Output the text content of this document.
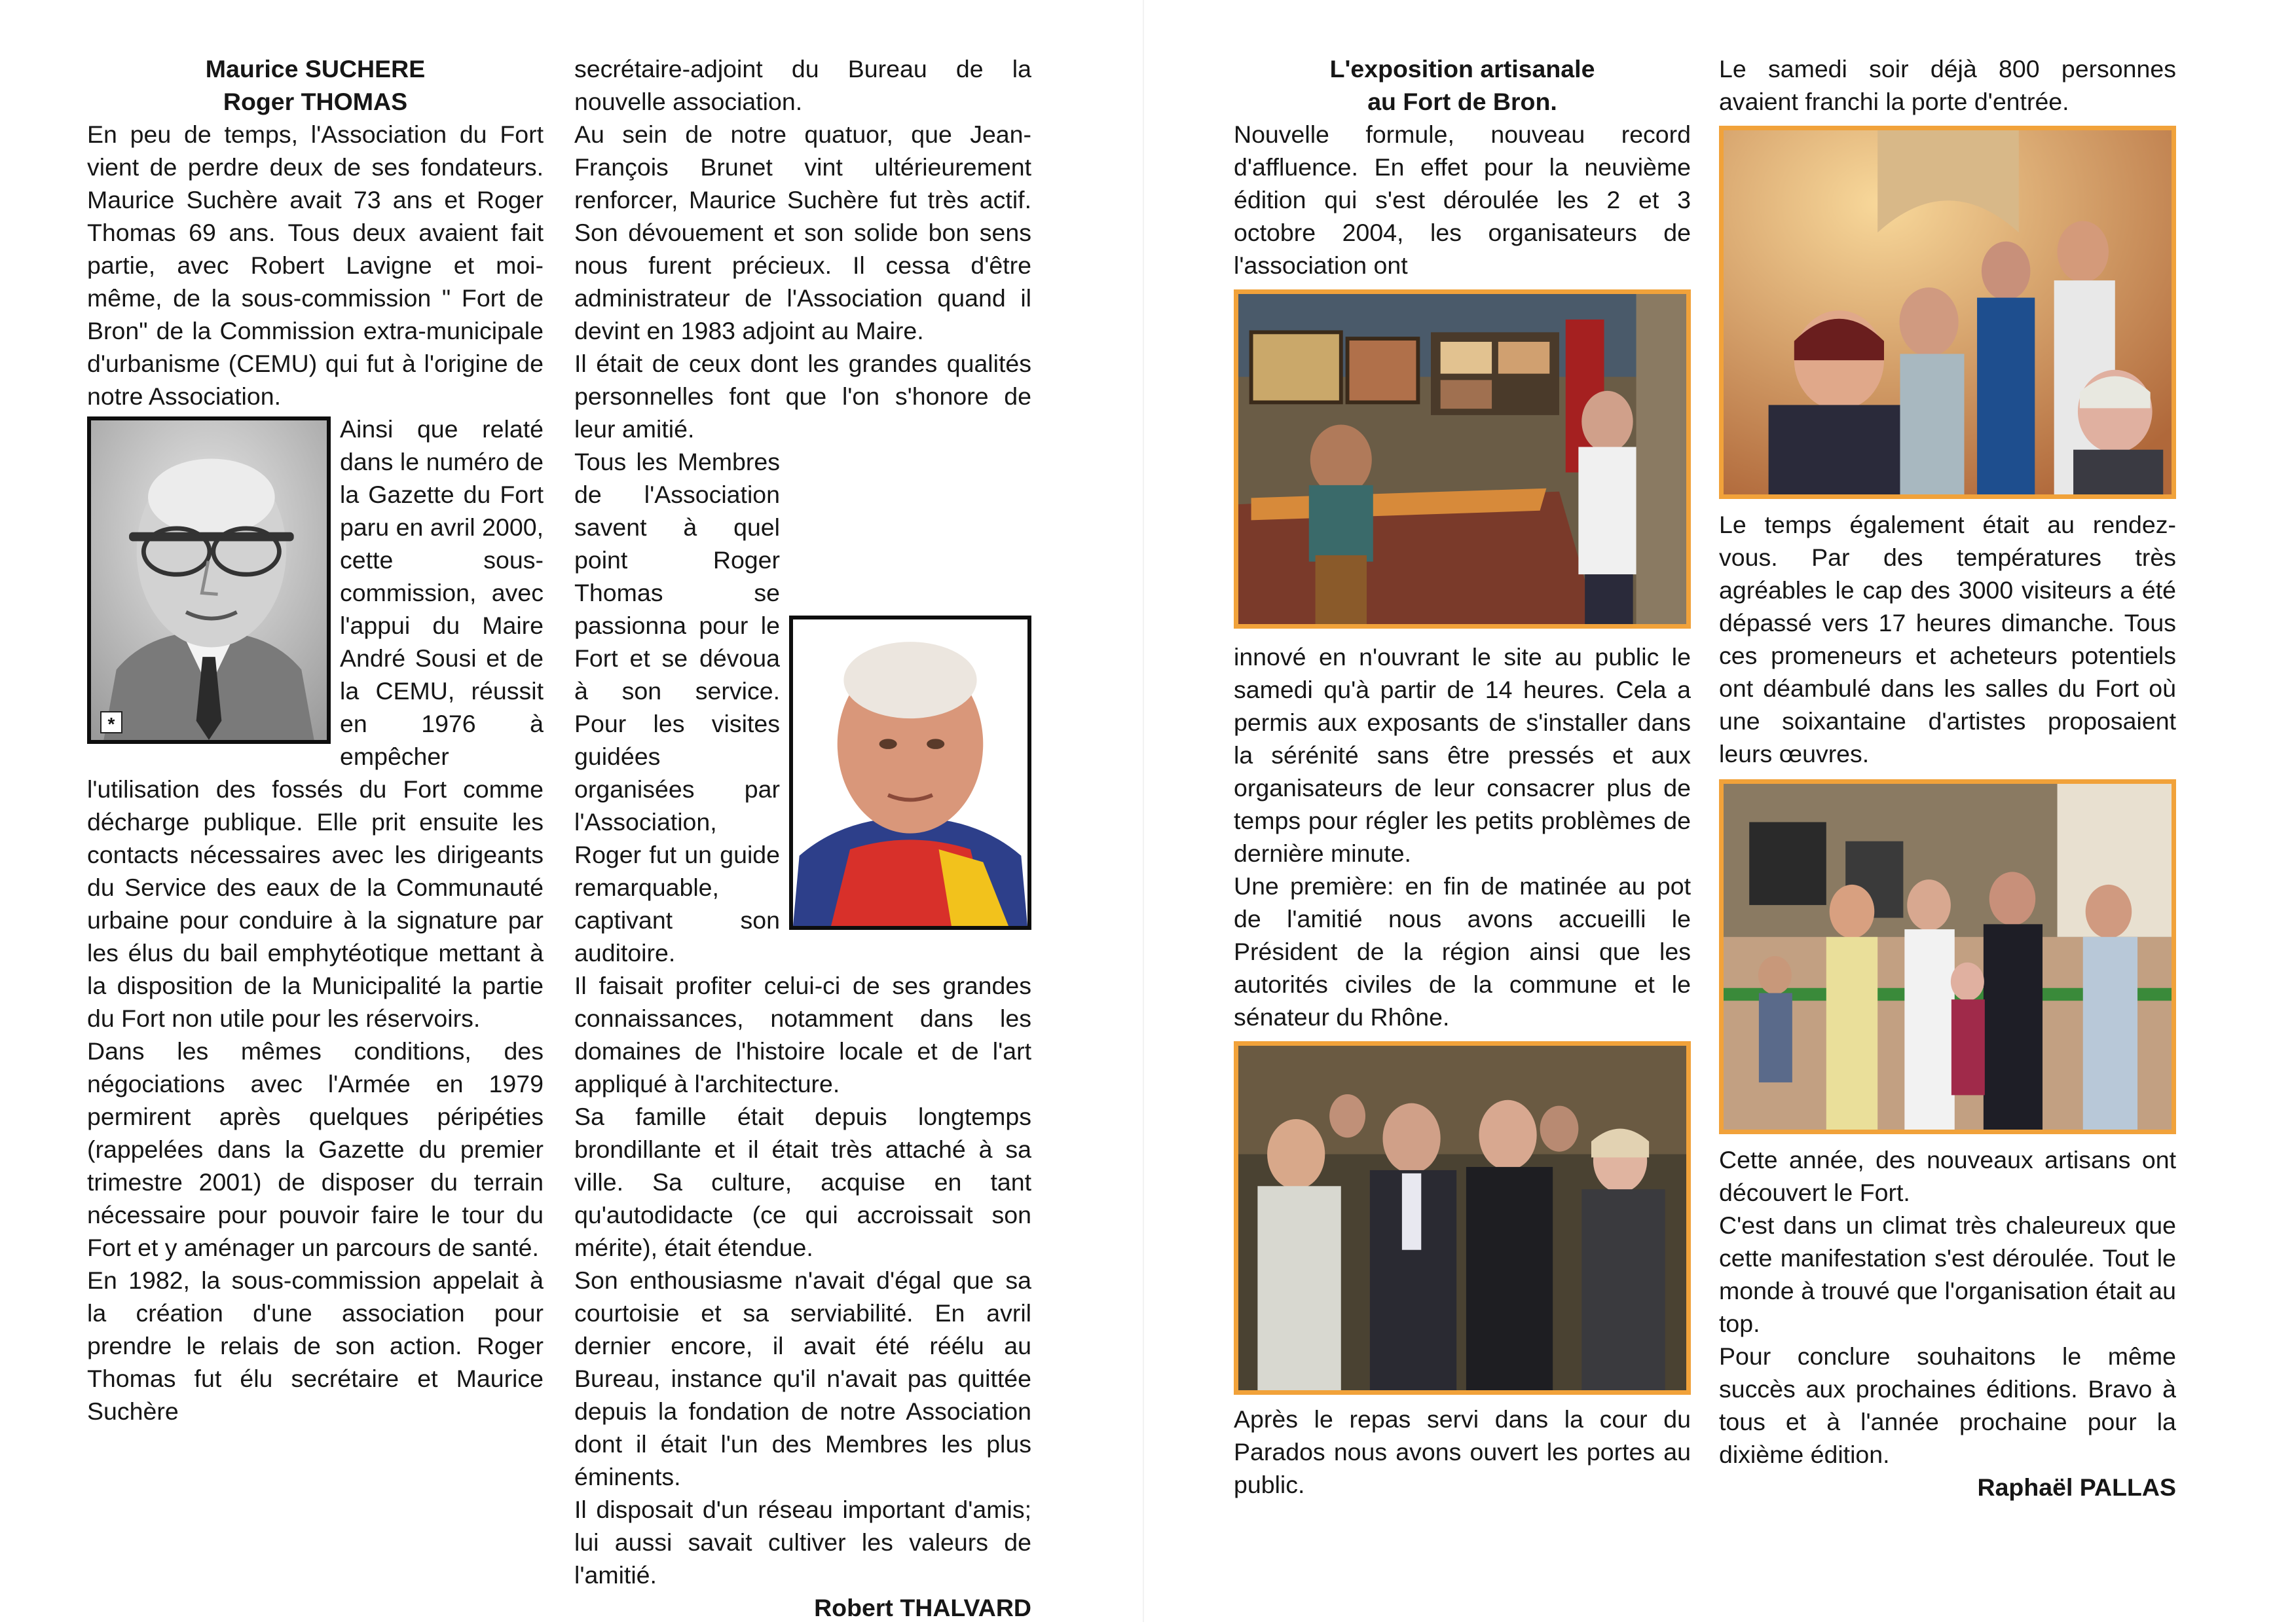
Maurice SUCHERE

Roger THOMAS

En peu de temps, l'Association du Fort vient de perdre deux de ses fondateurs. Maurice Suchère avait 73 ans et Roger Thomas 69 ans. Tous deux avaient fait partie, avec Robert Lavigne et moi-même, de la sous-commission " Fort de Bron" de la Commission extra-municipale d'urbanisme (CEMU) qui fut à l'origine de notre Association.

*

Ainsi que relaté dans le numéro de la Gazette du Fort paru en avril 2000, cette sous-commission, avec l'appui du Maire André Sousi et de la CEMU, réussit en 1976 à empêcher l'utilisation des fossés du Fort comme décharge publique. Elle prit ensuite les contacts nécessaires avec les dirigeants du Service des eaux de la Communauté urbaine pour conduire à la signature par les élus du bail emphytéotique mettant à la disposition de la Municipalité la partie du Fort non utile pour les réservoirs.

Dans les mêmes conditions, des négociations avec l'Armée en 1979 permirent après quelques péripéties (rappelées dans la Gazette du premier trimestre 2001) de disposer du terrain nécessaire pour pouvoir faire le tour du Fort et y aménager un parcours de santé.

En 1982, la sous-commission appelait à la création d'une association pour prendre le relais de son action. Roger Thomas fut élu secrétaire et Maurice Suchère

secrétaire-adjoint du Bureau de la nouvelle association.

Au sein de notre quatuor, que Jean-François Brunet vint ultérieurement renforcer, Maurice Suchère fut très actif. Son dévouement et son solide bon sens nous furent précieux. Il cessa d'être administrateur de l'Association quand il devint en 1983 adjoint au Maire.

Il était de ceux dont les grandes qualités personnelles font que l'on s'honore de leur amitié.

Tous les Membres de l'Association savent à quel point Roger Thomas se passionna pour le Fort et se dévoua à son service. Pour les visites guidées organisées par l'Association, Roger fut un guide remarquable, captivant son auditoire.

Il faisait profiter celui-ci de ses grandes connaissances, notamment dans les domaines de l'histoire locale et de l'art appliqué à l'architecture.

Sa famille était depuis longtemps brondillante et il était très attaché à sa ville. Sa culture, acquise en tant qu'autodidacte (ce qui accroissait son mérite), était étendue.

Son enthousiasme n'avait d'égal que sa courtoisie et sa serviabilité. En avril dernier encore, il avait été réélu au Bureau, instance qu'il n'avait pas quittée depuis la fondation de notre Association dont il était l'un des Membres les plus éminents.

Il disposait d'un réseau important d'amis; lui aussi savait cultiver les valeurs de l'amitié.

Robert THALVARD

L'exposition artisanale

au Fort de Bron.

Nouvelle formule, nouveau record d'affluence. En effet pour la neuvième édition qui s'est déroulée les 2 et 3 octobre 2004, les organisateurs de l'association ont

innové en n'ouvrant le site au public le samedi qu'à partir de 14 heures. Cela a permis aux exposants de s'installer dans la sérénité sans être pressés et aux organisateurs de leur consacrer plus de temps pour régler les petits problèmes de dernière minute.

Une première: en fin de matinée au pot de l'amitié nous avons accueilli le Président de la région ainsi que les autorités civiles de la commune et le sénateur du Rhône.

Après le repas servi dans la cour du Parados nous avons ouvert les portes au public.

Le samedi soir déjà 800 personnes avaient franchi la porte d'entrée.

Le temps également était au rendez-vous. Par des températures très agréables le cap des 3000 visiteurs a été dépassé vers 17 heures dimanche. Tous ces promeneurs et acheteurs potentiels ont déambulé dans les salles du Fort où une soixantaine d'artistes proposaient leurs œuvres.

Cette année, des nouveaux artisans ont découvert le Fort.

C'est dans un climat très chaleureux que cette manifestation s'est déroulée. Tout le monde à trouvé que l'organisation était au top.

Pour conclure souhaitons le même succès aux prochaines éditions. Bravo à tous et à l'année prochaine pour la dixième édition.

Raphaël PALLAS
